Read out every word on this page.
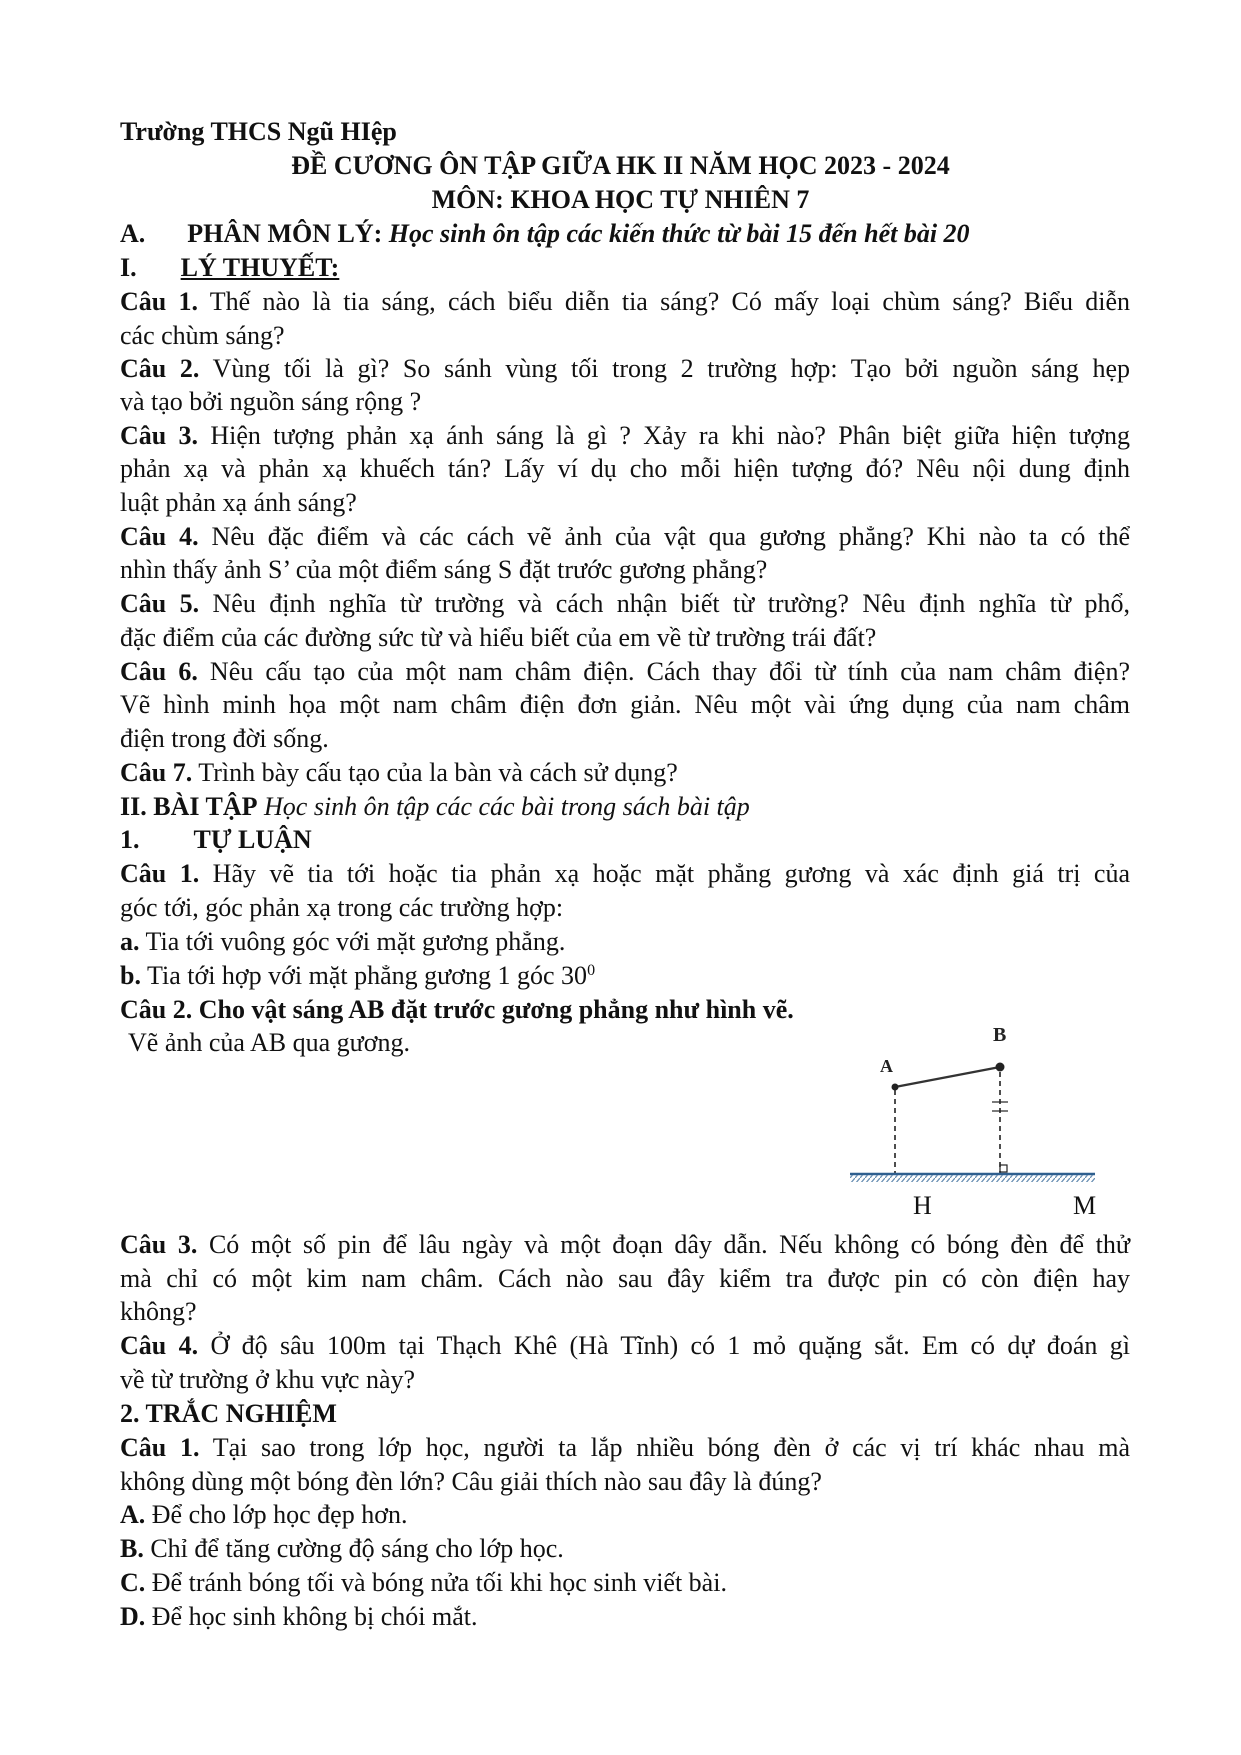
Trường THCS Ngũ HIệp
ĐỀ CƯƠNG ÔN TẬP GIỮA HK II NĂM HỌC 2023 - 2024
MÔN: KHOA HỌC TỰ NHIÊN 7
A. PHÂN MÔN LÝ: Học sinh ôn tập các kiến thức từ bài 15 đến hết bài 20
I. LÝ THUYẾT:
Câu 1. Thế nào là tia sáng, cách biểu diễn tia sáng? Có mấy loại chùm sáng? Biểu diễn
các chùm sáng?
Câu 2. Vùng tối là gì? So sánh vùng tối trong 2 trường hợp: Tạo bởi nguồn sáng hẹp
và tạo bởi nguồn sáng rộng ?
Câu 3. Hiện tượng phản xạ ánh sáng là gì ? Xảy ra khi nào? Phân biệt giữa hiện tượng
phản xạ và phản xạ khuếch tán? Lấy ví dụ cho mỗi hiện tượng đó? Nêu nội dung định
luật phản xạ ánh sáng?
Câu 4. Nêu đặc điểm và các cách vẽ ảnh của vật qua gương phẳng? Khi nào ta có thể
nhìn thấy ảnh S’ của một điểm sáng S đặt trước gương phẳng?
Câu 5. Nêu định nghĩa từ trường và cách nhận biết từ trường? Nêu định nghĩa từ phổ,
đặc điểm của các đường sức từ và hiểu biết của em về từ trường trái đất?
Câu 6. Nêu cấu tạo của một nam châm điện. Cách thay đổi từ tính của nam châm điện?
Vẽ hình minh họa một nam châm điện đơn giản. Nêu một vài ứng dụng của nam châm
điện trong đời sống.
Câu 7. Trình bày cấu tạo của la bàn và cách sử dụng?
II. BÀI TẬP Học sinh ôn tập các các bài trong sách bài tập
1. TỰ LUẬN
Câu 1. Hãy vẽ tia tới hoặc tia phản xạ hoặc mặt phẳng gương và xác định giá trị của
góc tới, góc phản xạ trong các trường hợp:
a. Tia tới vuông góc với mặt gương phẳng.
b. Tia tới hợp với mặt phẳng gương 1 góc $30^0$
Câu 2. Cho vật sáng AB đặt trước gương phẳng như hình vẽ.
Vẽ ảnh của AB qua gương.	B
A
H	M
Câu 3. Có một số pin để lâu ngày và một đoạn dây dẫn. Nếu không có bóng đèn để thử
mà chỉ có một kim nam châm. Cách nào sau đây kiểm tra được pin có còn điện hay
không?
Câu 4. Ở độ sâu 100m tại Thạch Khê (Hà Tĩnh) có 1 mỏ quặng sắt. Em có dự đoán gì
về từ trường ở khu vực này?
2. TRẮC NGHIỆM
Câu 1. Tại sao trong lớp học, người ta lắp nhiều bóng đèn ở các vị trí khác nhau mà
không dùng một bóng đèn lớn? Câu giải thích nào sau đây là đúng?
A. Để cho lớp học đẹp hơn.
B. Chỉ để tăng cường độ sáng cho lớp học.
C. Để tránh bóng tối và bóng nửa tối khi học sinh viết bài.
D. Để học sinh không bị chói mắt.
